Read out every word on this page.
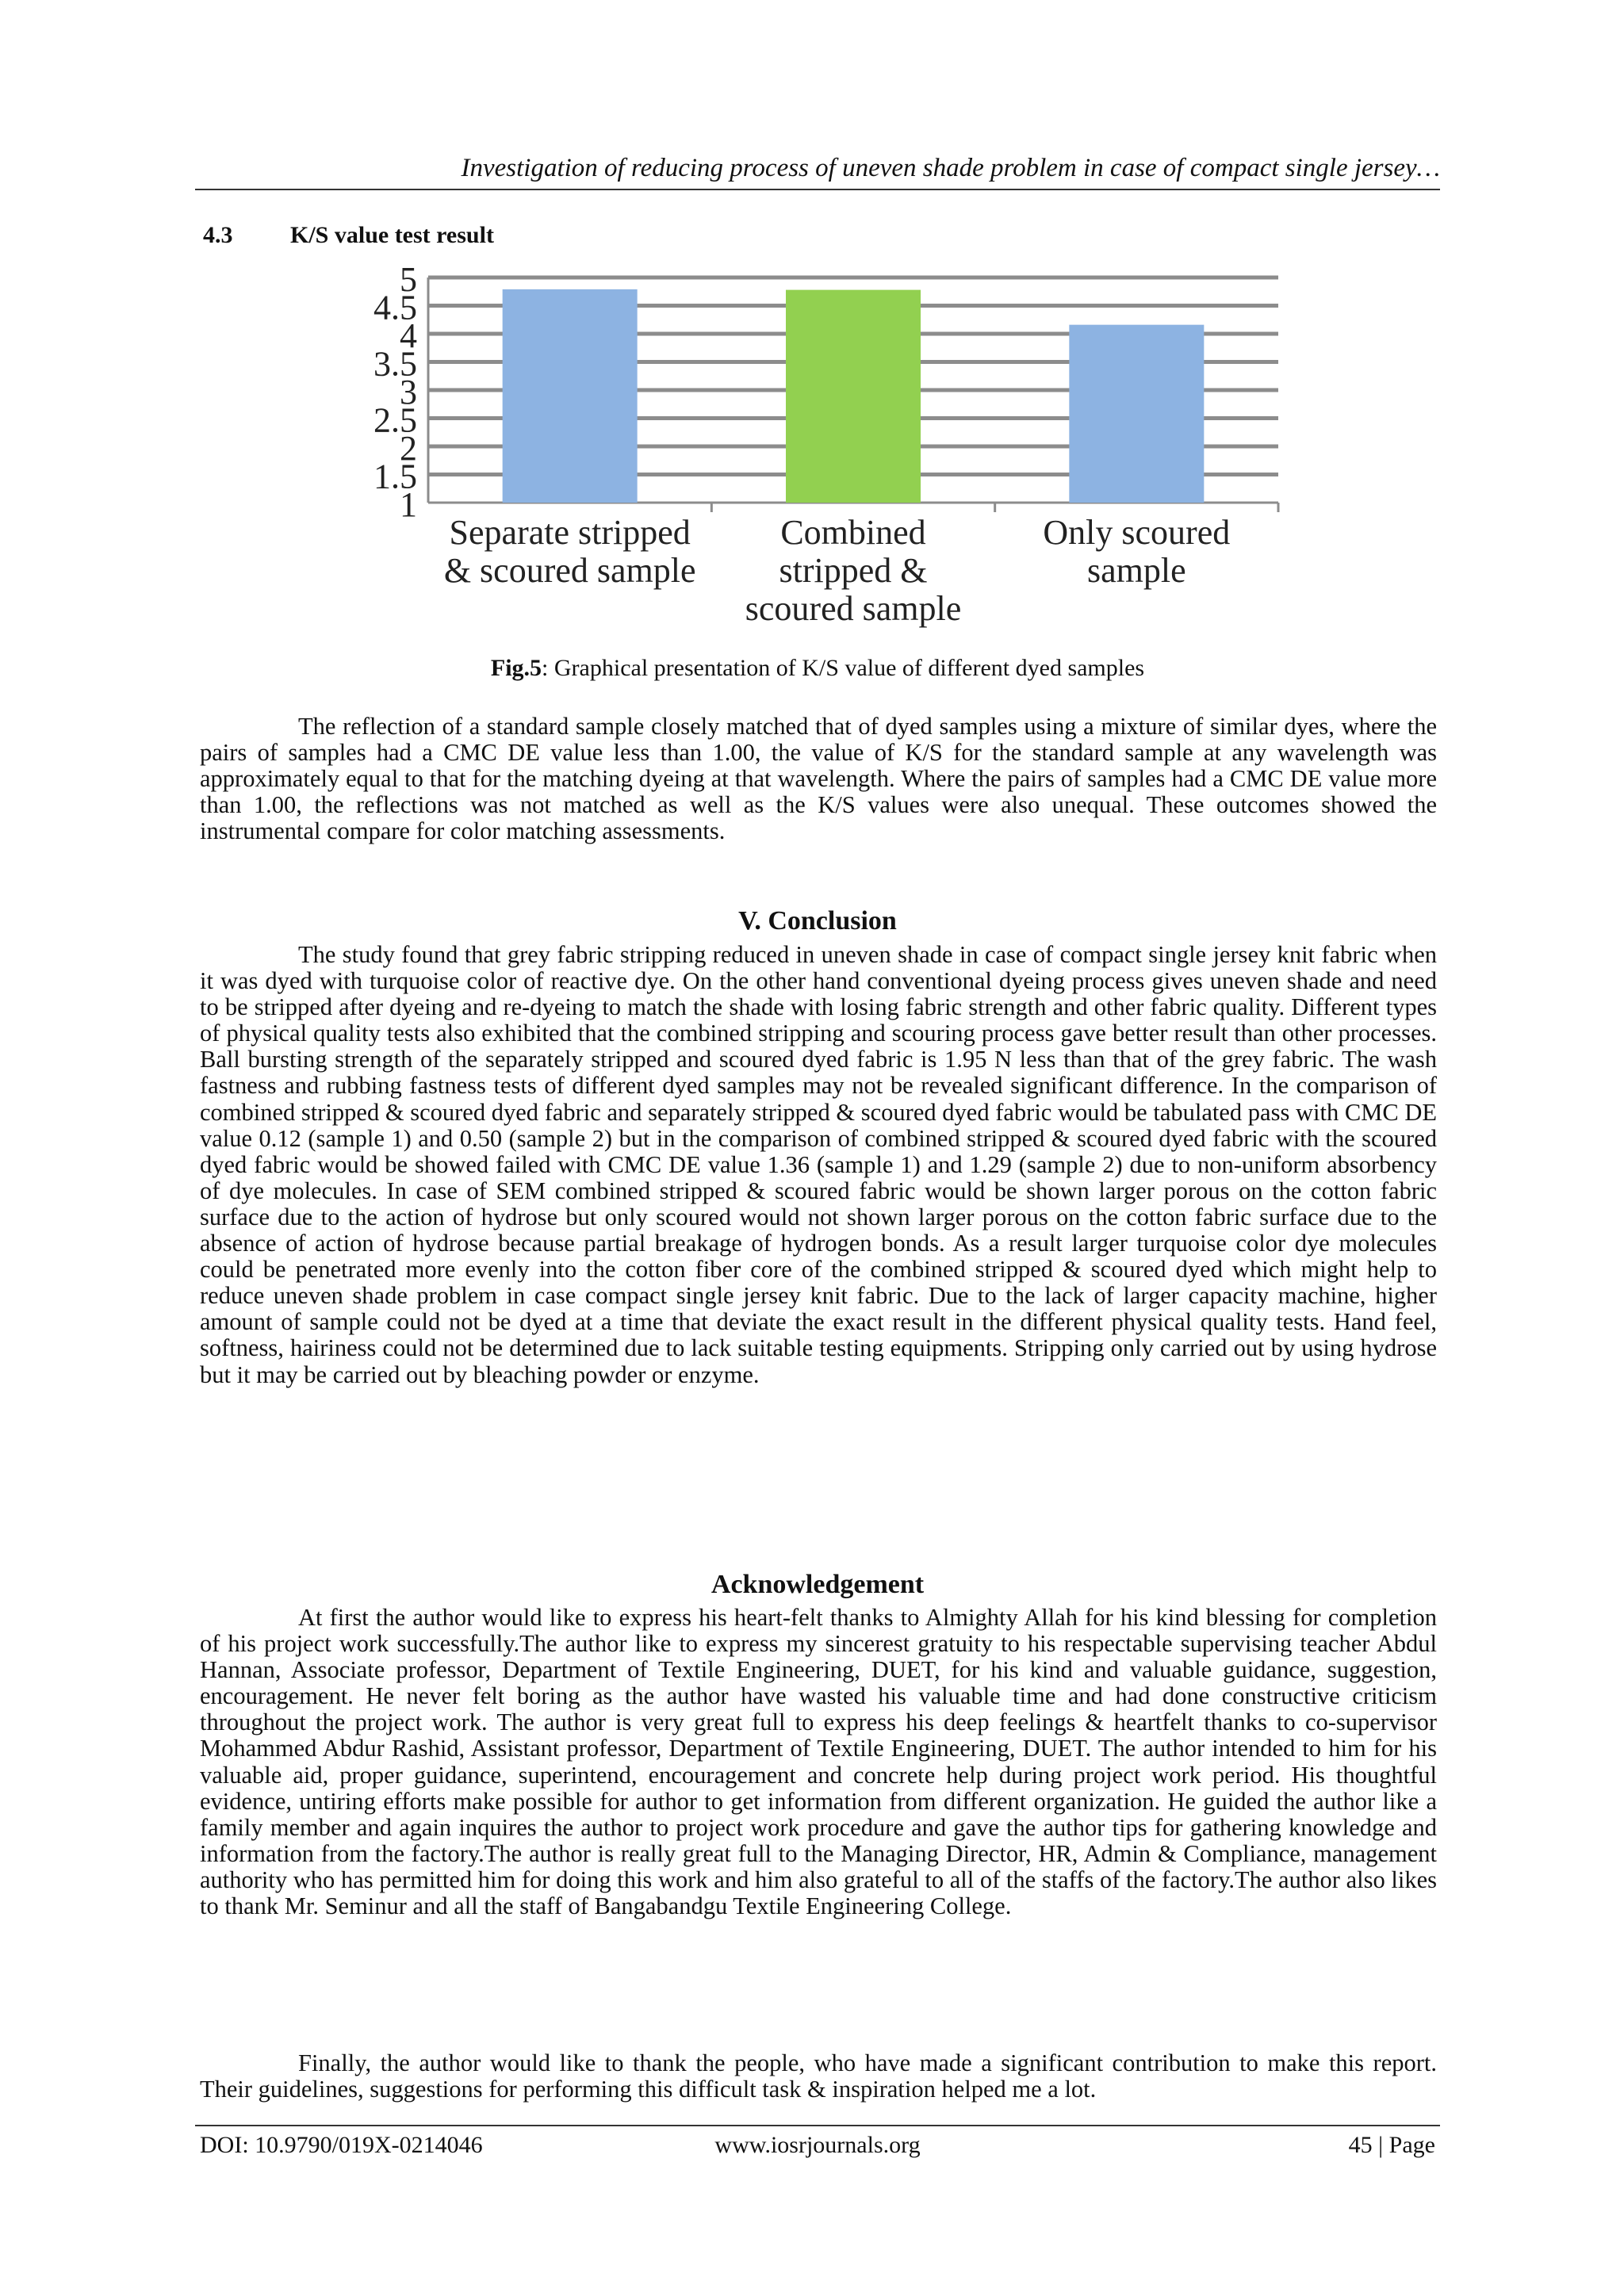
Investigation of reducing process of uneven shade problem in case of compact single jersey…
4.3 K/S value test result
1
1.5
2
2.5
3
3.5
4
4.5
5
Separate stripped
& scoured sample
Combined
stripped &
scoured sample
Only scoured
sample
Fig.5: Graphical presentation of K/S value of different dyed samples

The reflection of a standard sample closely matched that of dyed samples using a mixture of similar dyes, where the pairs of samples had a CMC DE value less than 1.00, the value of K/S for the standard sample at any wavelength was approximately equal to that for the matching dyeing at that wavelength. Where the pairs of samples had a CMC DE value more than 1.00, the reflections was not matched as well as the K/S values were also unequal. These outcomes showed the instrumental compare for color matching assessments.

V. Conclusion

The study found that grey fabric stripping reduced in uneven shade in case of compact single jersey knit fabric when it was dyed with turquoise color of reactive dye. On the other hand conventional dyeing process gives uneven shade and need to be stripped after dyeing and re-dyeing to match the shade with losing fabric strength and other fabric quality. Different types of physical quality tests also exhibited that the combined stripping and scouring process gave better result than other processes. Ball bursting strength of the separately stripped and scoured dyed fabric is 1.95 N less than that of the grey fabric. The wash fastness and rubbing fastness tests of different dyed samples may not be revealed significant difference. In the comparison of combined stripped & scoured dyed fabric and separately stripped & scoured dyed fabric would be tabulated pass with CMC DE value 0.12 (sample 1) and 0.50 (sample 2) but in the comparison of combined stripped & scoured dyed fabric with the scoured dyed fabric would be showed failed with CMC DE value 1.36 (sample 1) and 1.29 (sample 2) due to non-uniform absorbency of dye molecules. In case of SEM combined stripped & scoured fabric would be shown larger porous on the cotton fabric surface due to the action of hydrose but only scoured would not shown larger porous on the cotton fabric surface due to the absence of action of hydrose because partial breakage of hydrogen bonds. As a result larger turquoise color dye molecules could be penetrated more evenly into the cotton fiber core of the combined stripped & scoured dyed which might help to reduce uneven shade problem in case compact single jersey knit fabric. Due to the lack of larger capacity machine, higher amount of sample could not be dyed at a time that deviate the exact result in the different physical quality tests. Hand feel, softness, hairiness could not be determined due to lack suitable testing equipments. Stripping only carried out by using hydrose but it may be carried out by bleaching powder or enzyme.

Acknowledgement

At first the author would like to express his heart-felt thanks to Almighty Allah for his kind blessing for completion of his project work successfully.The author like to express my sincerest gratuity to his respectable supervising teacher Abdul Hannan, Associate professor, Department of Textile Engineering, DUET, for his kind and valuable guidance, suggestion, encouragement. He never felt boring as the author have wasted his valuable time and had done constructive criticism throughout the project work. The author is very great full to express his deep feelings & heartfelt thanks to co-supervisor Mohammed Abdur Rashid, Assistant professor, Department of Textile Engineering, DUET. The author intended to him for his valuable aid, proper guidance, superintend, encouragement and concrete help during project work period. His thoughtful evidence, untiring efforts make possible for author to get information from different organization. He guided the author like a family member and again inquires the author to project work procedure and gave the author tips for gathering knowledge and information from the factory.The author is really great full to the Managing Director, HR, Admin & Compliance, management authority who has permitted him for doing this work and him also grateful to all of the staffs of the factory.The author also likes to thank Mr. Seminur and all the staff of Bangabandgu Textile Engineering College.

Finally, the author would like to thank the people, who have made a significant contribution to make this report. Their guidelines, suggestions for performing this difficult task & inspiration helped me a lot.

DOI: 10.9790/019X-0214046	www.iosrjournals.org	45 | Page
